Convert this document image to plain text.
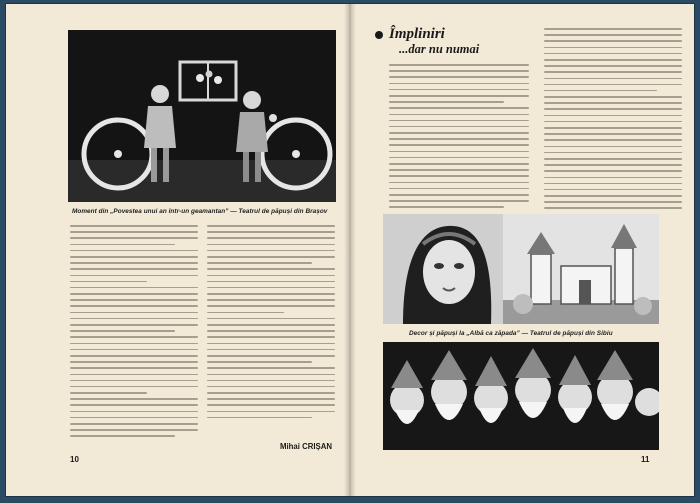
Moment din „Povestea unui an într-un geamantan” — Teatrul de păpuși din Brașov
Mihai CRIȘAN
10
Decor și păpuși la „Albă ca zăpada” — Teatrul de păpuși din Sibiu
11
Împliniri
...dar nu numai
